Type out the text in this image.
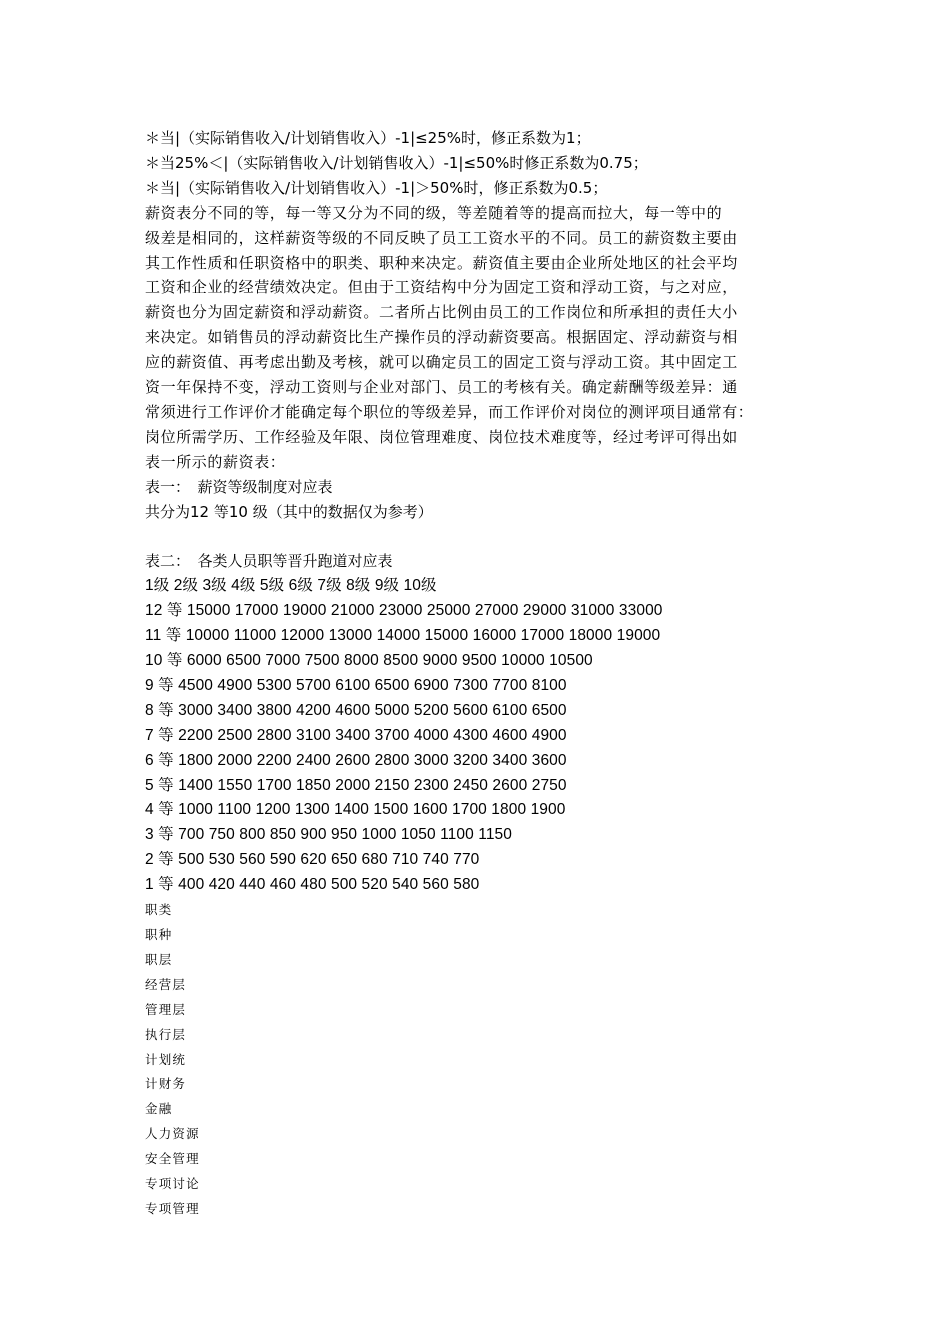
＊当|（实际销售收入/计划销售收入）-1|≤25%时，修正系数为1；
＊当25%＜|（实际销售收入/计划销售收入）-1|≤50%时修正系数为0.75；
＊当|（实际销售收入/计划销售收入）-1|＞50%时，修正系数为0.5；
薪资表分不同的等，每一等又分为不同的级，等差随着等的提高而拉大，每一等中的
级差是相同的，这样薪资等级的不同反映了员工工资水平的不同。员工的薪资数主要由
其工作性质和任职资格中的职类、职种来决定。薪资值主要由企业所处地区的社会平均
工资和企业的经营绩效决定。但由于工资结构中分为固定工资和浮动工资，与之对应，
薪资也分为固定薪资和浮动薪资。二者所占比例由员工的工作岗位和所承担的责任大小
来决定。如销售员的浮动薪资比生产操作员的浮动薪资要高。根据固定、浮动薪资与相
应的薪资值、再考虑出勤及考核，就可以确定员工的固定工资与浮动工资。其中固定工
资一年保持不变，浮动工资则与企业对部门、员工的考核有关。确定薪酬等级差异：通
常须进行工作评价才能确定每个职位的等级差异，而工作评价对岗位的测评项目通常有：
岗位所需学历、工作经验及年限、岗位管理难度、岗位技术难度等，经过考评可得出如
表一所示的薪资表：
表一：　薪资等级制度对应表
共分为12 等10 级（其中的数据仅为参考）
表二：　各类人员职等晋升跑道对应表
1级 2级 3级 4级 5级 6级 7级 8级 9级 10级
12 等 15000 17000 19000 21000 23000 25000 27000 29000 31000 33000
11 等 10000 11000 12000 13000 14000 15000 16000 17000 18000 19000
10 等 6000 6500 7000 7500 8000 8500 9000 9500 10000 10500
9 等 4500 4900 5300 5700 6100 6500 6900 7300 7700 8100
8 等 3000 3400 3800 4200 4600 5000 5200 5600 6100 6500
7 等 2200 2500 2800 3100 3400 3700 4000 4300 4600 4900
6 等 1800 2000 2200 2400 2600 2800 3000 3200 3400 3600
5 等 1400 1550 1700 1850 2000 2150 2300 2450 2600 2750
4 等 1000 1100 1200 1300 1400 1500 1600 1700 1800 1900
3 等 700 750 800 850 900 950 1000 1050 1100 1150
2 等 500 530 560 590 620 650 680 710 740 770
1 等 400 420 440 460 480 500 520 540 560 580
职类
职种
职层
经营层
管理层
执行层
计划统
计财务
金融
人力资源
安全管理
专项讨论
专项管理
